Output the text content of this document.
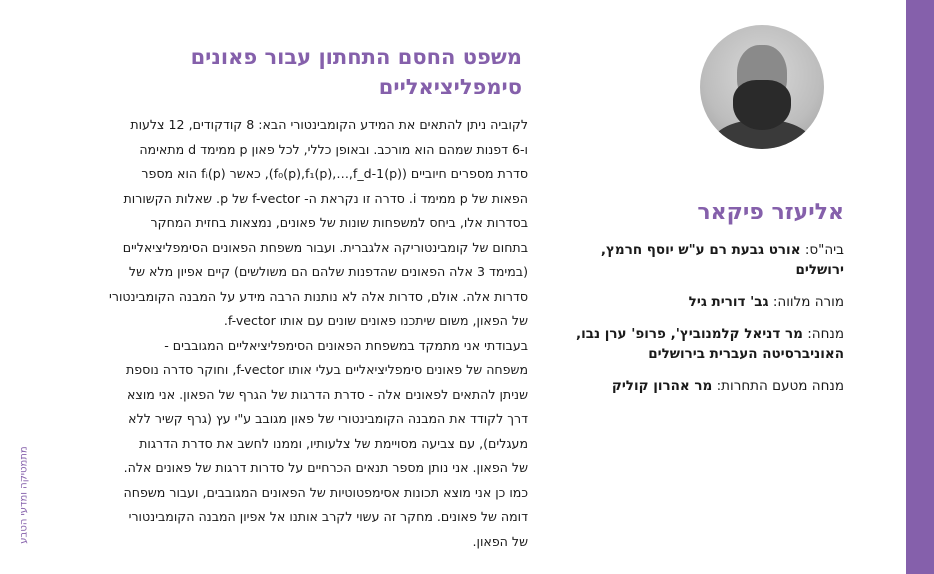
מתמטיקה ומדעי הטבע
משפט החסם התחתון עבור פאונים
סימפליציאליים
לקוביה ניתן להתאים את המידע הקומבינטורי הבא: 8 קודקודים, 12 צלעות
ו-6 דפנות שמהם הוא מורכב. ובאופן כללי, לכל פאון p ממימד d מתאימה
סדרת מספרים חיוביים (f₀(p),f₁(p),…,f_d-1(p)), כאשר fᵢ(p) הוא מספר
הפאות של p ממימד i. סדרה זו נקראת ה- f-vector של p. שאלות הקשורות
בסדרות אלו, ביחס למשפחות שונות של פאונים, נמצאות בחזית המחקר
בתחום של קומבינטוריקה אלגברית. ועבור משפחת הפאונים הסימפליציאליים
(במימד 3 אלה הפאונים שהדפנות שלהם הם משולשים) קיים אפיון מלא של
סדרות אלה. אולם, סדרות אלה לא נותנות הרבה מידע על המבנה הקומבינטורי
של הפאון, משום שיתכנו פאונים שונים עם אותו f-vector.
בעבודתי אני מתמקד במשפחת הפאונים הסימפליציאליים המגובבים -
משפחה של פאונים סימפליציאליים בעלי אותו f-vector, וחוקר סדרה נוספת
שניתן להתאים לפאונים אלה - סדרת הדרגות של הגרף של הפאון. אני מוצא
דרך לקודד את המבנה הקומבינטורי של פאון מגובב ע"י עץ (גרף קשיר ללא
מעגלים), עם צביעה מסויימת של צלעותיו, וממנו לחשב את סדרת הדרגות
של הפאון. אני נותן מספר תנאים הכרחיים על סדרות דרגות של פאונים אלה.
כמו כן אני מוצא תכונות אסימפטוטיות של הפאונים המגובבים, ועבור משפחה
דומה של פאונים. מחקר זה עשוי לקרב אותנו אל אפיון המבנה הקומבינטורי
של הפאון.
אליעזר פיקאר

ביה"ס: אורט גבעת רם ע"ש יוסף חרמץ, ירושלים

מורה מלווה: גב' דורית גיל

מנחה: מר דניאל קלמנוביץ', פרופ' ערן נבו, האוניברסיטה העברית בירושלים

מנחה מטעם התחרות: מר אהרון קוליק
